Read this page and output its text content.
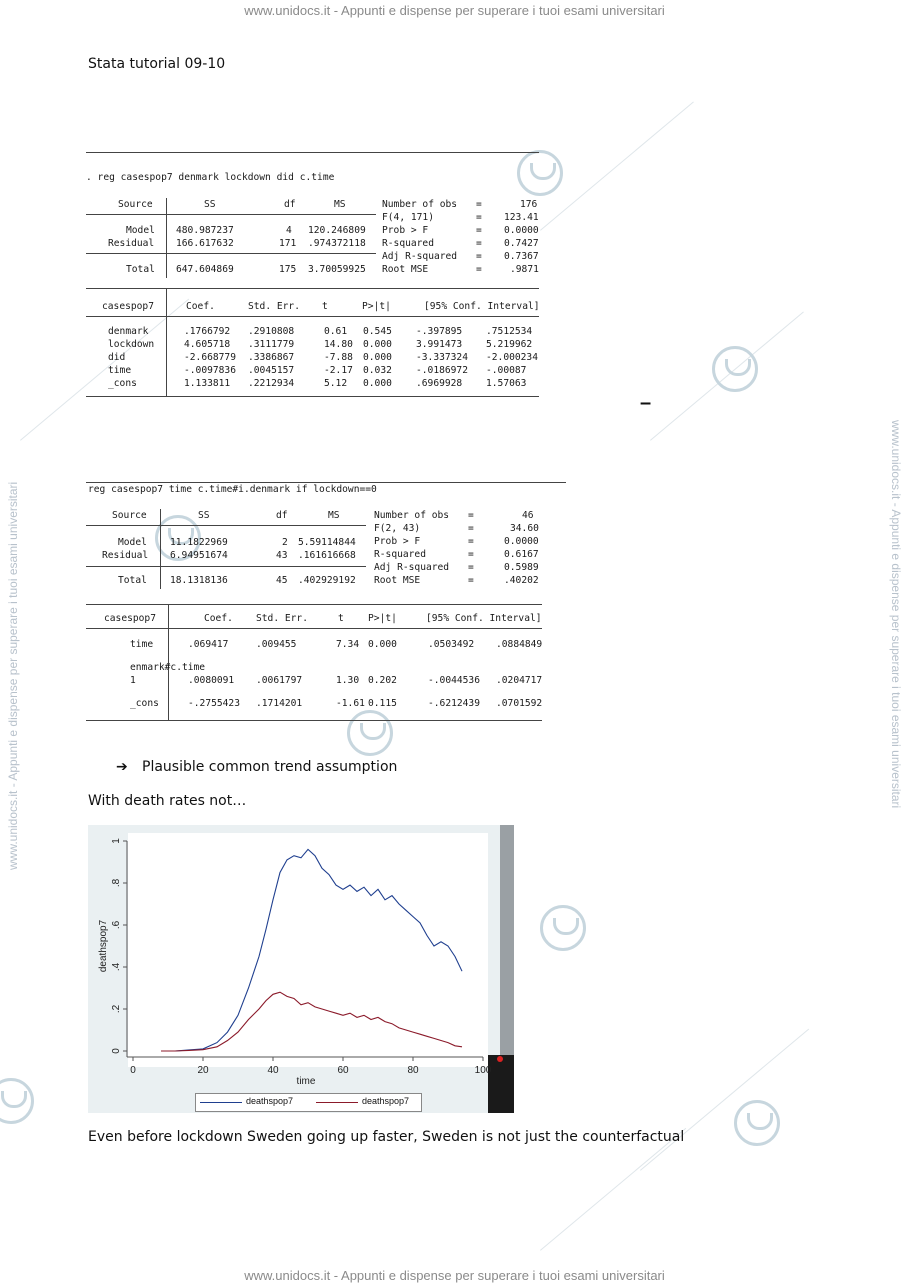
www.unidocs.it - Appunti e dispense per superare i tuoi esami universitari
www.unidocs.it - Appunti e dispense per superare i tuoi esami universitari
www.unidocs.it - Appunti e dispense per superare i tuoi esami universitari	www.unidocs.it - Appunti e dispense per superare i tuoi esami universitari
Stata tutorial 09-10
. reg casespop7 denmark lockdown did c.time
Source	SS	df	MS
Model 480.987237	4 120.246809
Residual 166.617632	171 .974372118
Total 647.604869	175 3.70059925
Number of obs =	176
F(4, 171)	= 123.41
Prob > F	= 0.0000
R-squared	= 0.7427
Adj R-squared = 0.7367
Root MSE	=	.9871
casespop7	Coef.	Std. Err. t	P>|t|	[95% Conf. Interval]
denmark	.1766792 .2910808	0.61 0.545	-.397895 .7512534
lockdown	4.605718 .3111779	14.80 0.000	3.991473 5.219962
did	-2.668779 .3386867	-7.88 0.000	-3.337324 -2.000234
time	-.0097836 .0045157	-2.17 0.032	-.0186972 -.00087
_cons	1.133811 .2212934	5.12 0.000	.6969928 1.57063
–
reg casespop7 time c.time#i.denmark if lockdown==0
Source	SS	df	MS
Model 11.1822969	2 5.59114844
Residual 6.94951674	43 .161616668
Total 18.1318136	45 .402929192
Number of obs =	46
F(2, 43)	=	34.60
Prob > F	=	0.0000
R-squared	=	0.6167
Adj R-squared =	0.5989
Root MSE	=	.40202
casespop7	Coef. Std. Err.	t	P>|t|	[95% Conf. Interval]
time	.069417	.009455	7.34 0.000	.0503492 .0884849
enmark#c.time
1	.0080091 .0061797	1.30 0.202	-.0044536 .0204717
_cons	-.2755423 .1714201	-1.61 0.115	-.6212439 .0701592
➔ Plausible common trend assumption
With death rates not…
0	20	40	60	80	100
0
.2
.4
.6
.8
1
time
deathspop7
deathspop7	deathspop7
Even before lockdown Sweden going up faster, Sweden is not just the counterfactual
